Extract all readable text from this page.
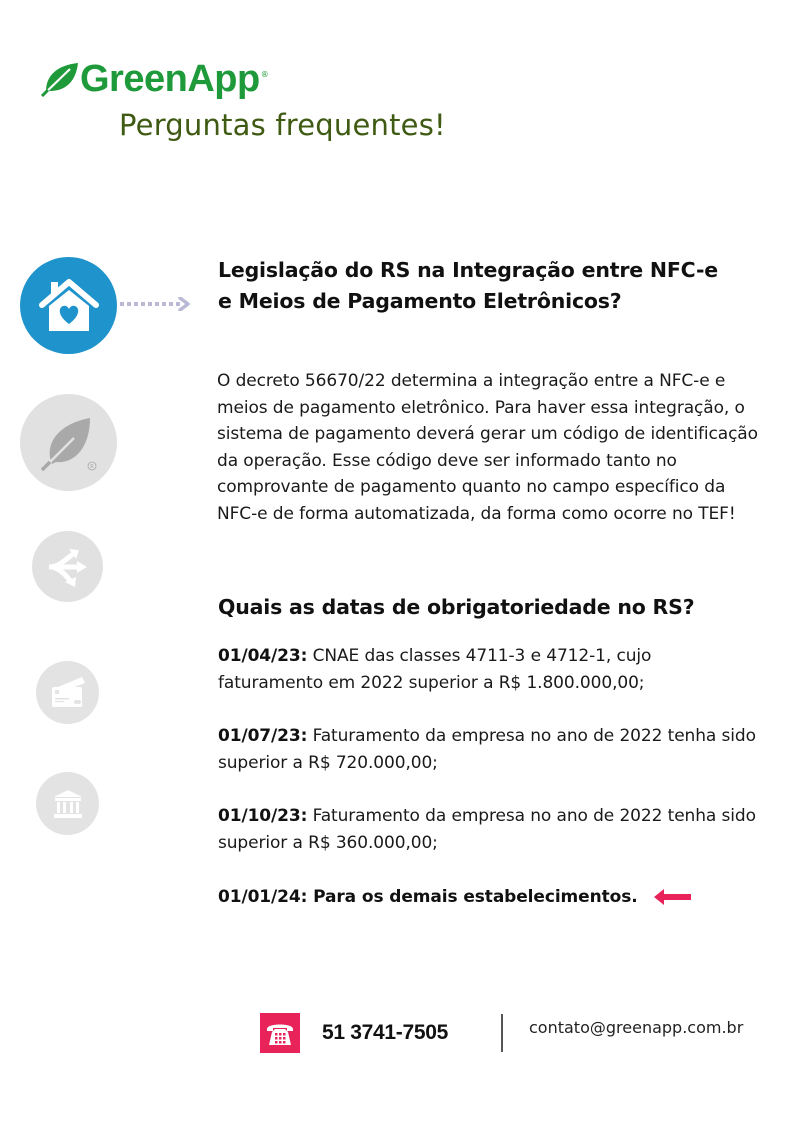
GreenApp ®
Perguntas frequentes!
R
Legislação do RS na Integração entre NFC-e e Meios de Pagamento Eletrônicos?

O decreto 56670/22 determina a integração entre a NFC-e e meios de pagamento eletrônico. Para haver essa integração, o sistema de pagamento deverá gerar um código de identificação da operação. Esse código deve ser informado tanto no comprovante de pagamento quanto no campo específico da NFC-e de forma automatizada, da forma como ocorre no TEF!

Quais as datas de obrigatoriedade no RS?
01/04/23: CNAE das classes 4711-3 e 4712-1, cujo faturamento em 2022 superior a R$ 1.800.000,00;
01/07/23: Faturamento da empresa no ano de 2022 tenha sido superior a R$ 720.000,00;
01/10/23: Faturamento da empresa no ano de 2022 tenha sido superior a R$ 360.000,00;
01/01/24:
Para os demais estabelecimentos.
51 3741-7505	contato@greenapp.com.br
